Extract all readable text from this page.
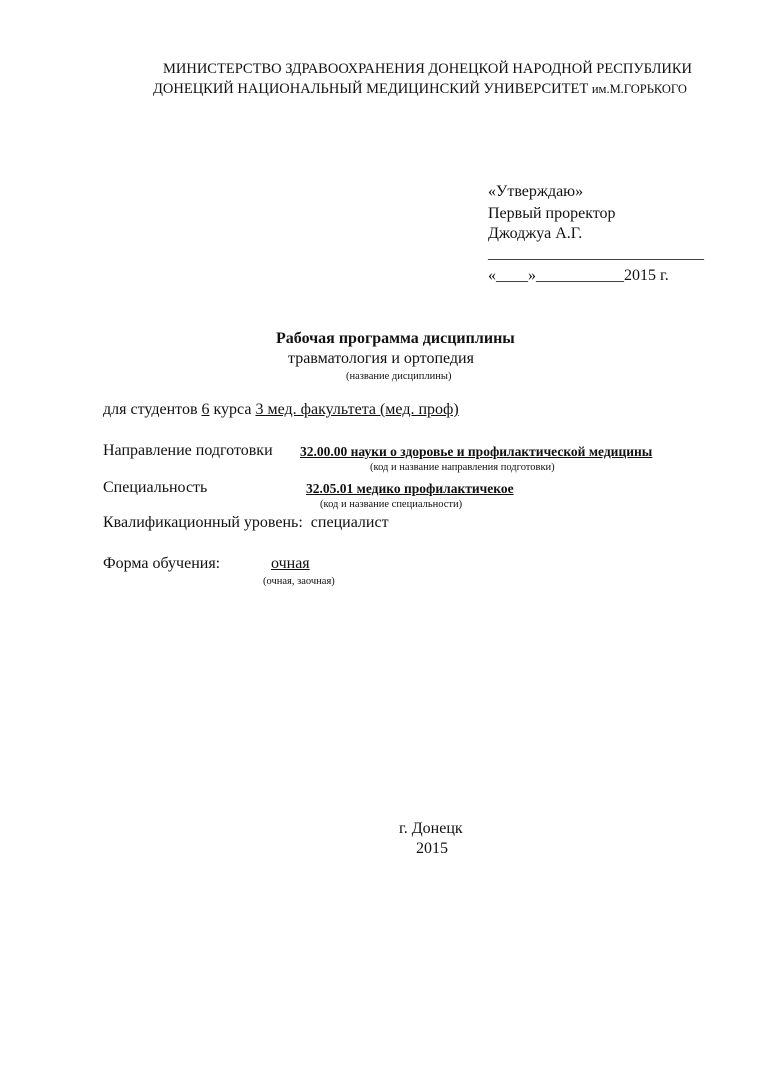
МИНИСТЕРСТВО ЗДРАВООХРАНЕНИЯ ДОНЕЦКОЙ НАРОДНОЙ РЕСПУБЛИКИ
ДОНЕЦКИЙ НАЦИОНАЛЬНЫЙ МЕДИЦИНСКИЙ УНИВЕРСИТЕТ им.М.ГОРЬКОГО
«Утверждаю»
Первый проректор
Джоджуа А.Г.
___________________________
«____»___________2015 г.
Рабочая программа дисциплины
травматология и ортопедия
(название дисциплины)
для студентов 6 курса 3 мед. факультета (мед. проф)
Направление подготовки 32.00.00 науки о здоровье и профилактической медицины
(код и название направления подготовки)
Специальность	32.05.01 медико профилактичекое
(код и название специальности)
Квалификационный уровень: специалист
Форма обучения:	очная
(очная, заочная)
г. Донецк
2015
